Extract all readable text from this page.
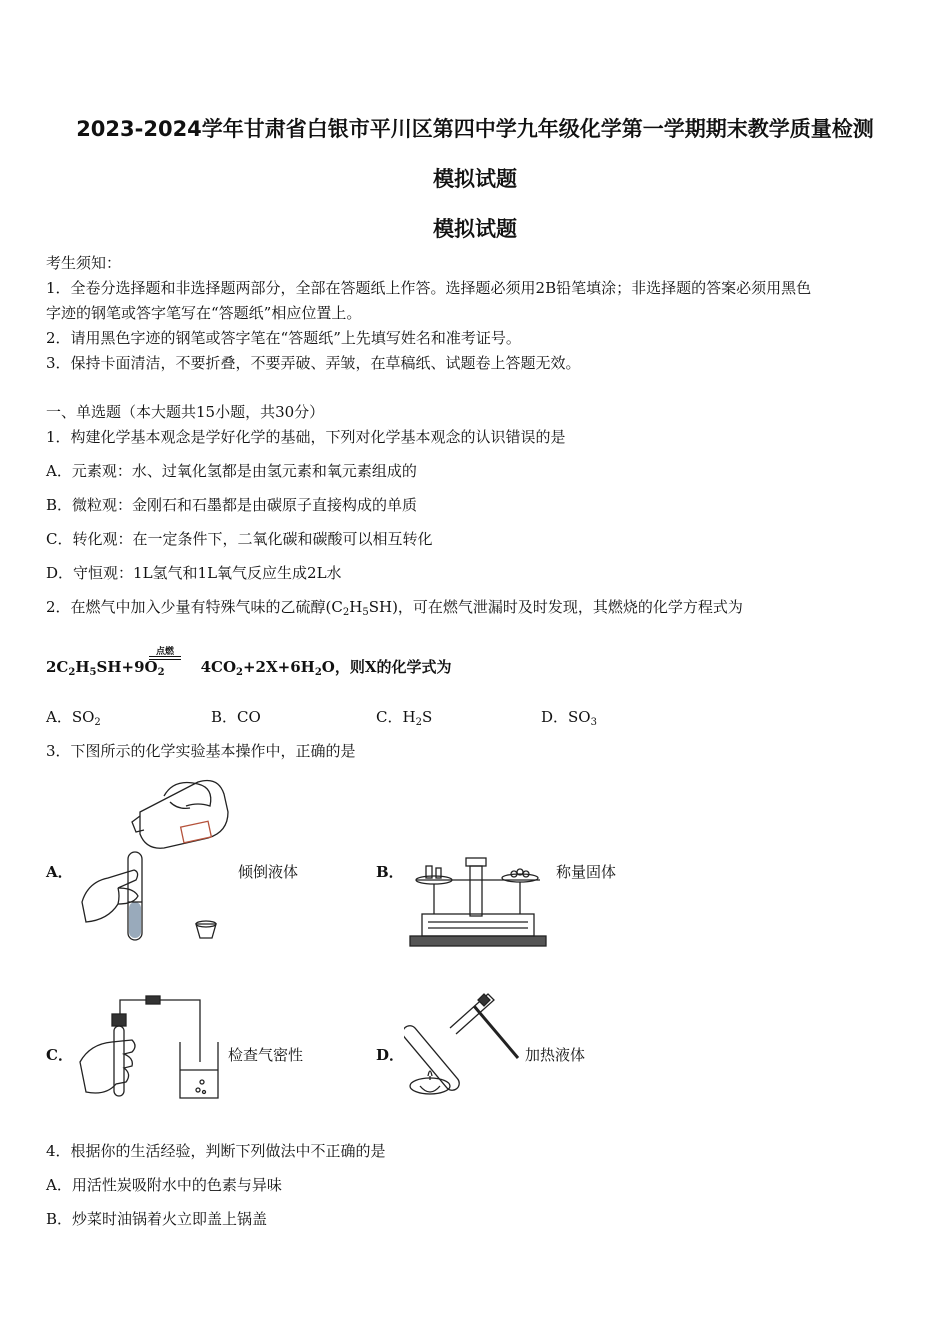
2023-2024学年甘肃省白银市平川区第四中学九年级化学第一学期期末教学质量检测
模拟试题
模拟试题
考生须知：
1．全卷分选择题和非选择题两部分，全部在答题纸上作答。选择题必须用2B铅笔填涂；非选择题的答案必须用黑色
字迹的钢笔或答字笔写在“答题纸”相应位置上。
2．请用黑色字迹的钢笔或答字笔在“答题纸”上先填写姓名和准考证号。
3．保持卡面清洁，不要折叠，不要弄破、弄皱，在草稿纸、试题卷上答题无效。
一、单选题（本大题共15小题，共30分）
1．构建化学基本观念是学好化学的基础，下列对化学基本观念的认识错误的是
A．元素观：水、过氧化氢都是由氢元素和氧元素组成的
B．微粒观：金刚石和石墨都是由碳原子直接构成的单质
C．转化观：在一定条件下，二氧化碳和碳酸可以相互转化
D．守恒观：1L氢气和1L氧气反应生成2L水
2．在燃气中加入少量有特殊气味的乙硫醇$(C_2H_5SH)$，可在燃气泄漏时及时发现，其燃烧的化学方程式为
点燃
$2C_2H_5SH+9O_2$ $4CO_2+2X+6H_2O$，则X的化学式为
A．$SO_2$	B．CO	C．$H_2S$	D．$SO_3$
3．下图所示的化学实验基本操作中，正确的是
A．	倾倒液体	B．	称量固体
C．	检查气密性	D．	加热液体
4．根据你的生活经验，判断下列做法中不正确的是
A．用活性炭吸附水中的色素与异味
B．炒菜时油锅着火立即盖上锅盖
